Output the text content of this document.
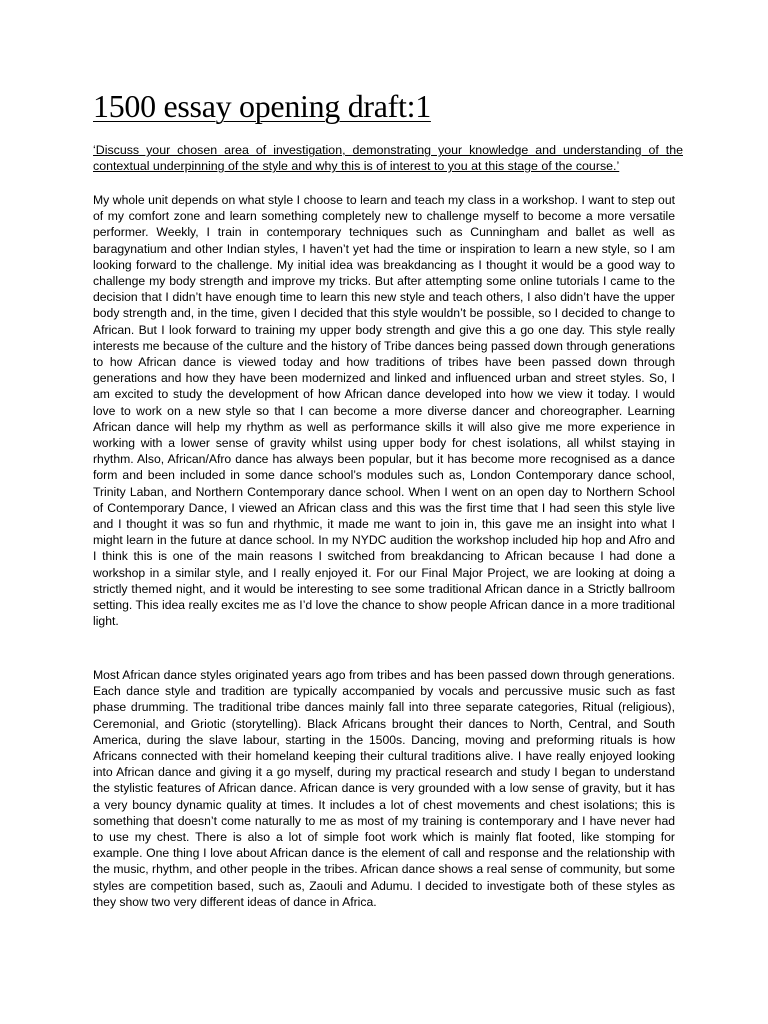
1500 essay opening draft:1

‘Discuss your chosen area of investigation, demonstrating your knowledge and understanding of the contextual underpinning of the style and why this is of interest to you at this stage of the course.’

My whole unit depends on what style I choose to learn and teach my class in a workshop. I want to step out of my comfort zone and learn something completely new to challenge myself to become a more versatile performer. Weekly, I train in contemporary techniques such as Cunningham and ballet as well as baragynatium and other Indian styles, I haven’t yet had the time or inspiration to learn a new style, so I am looking forward to the challenge. My initial idea was breakdancing as I thought it would be a good way to challenge my body strength and improve my tricks. But after attempting some online tutorials I came to the decision that I didn’t have enough time to learn this new style and teach others, I also didn’t have the upper body strength and, in the time, given I decided that this style wouldn’t be possible, so I decided to change to African. But I look forward to training my upper body strength and give this a go one day. This style really interests me because of the culture and the history of Tribe dances being passed down through generations to how African dance is viewed today and how traditions of tribes have been passed down through generations and how they have been modernized and linked and influenced urban and street styles. So, I am excited to study the development of how African dance developed into how we view it today. I would love to work on a new style so that I can become a more diverse dancer and choreographer. Learning African dance will help my rhythm as well as performance skills it will also give me more experience in working with a lower sense of gravity whilst using upper body for chest isolations, all whilst staying in rhythm. Also, African/Afro dance has always been popular, but it has become more recognised as a dance form and been included in some dance school’s modules such as, London Contemporary dance school, Trinity Laban, and Northern Contemporary dance school. When I went on an open day to Northern School of Contemporary Dance, I viewed an African class and this was the first time that I had seen this style live and I thought it was so fun and rhythmic, it made me want to join in, this gave me an insight into what I might learn in the future at dance school. In my NYDC audition the workshop included hip hop and Afro and I think this is one of the main reasons I switched from breakdancing to African because I had done a workshop in a similar style, and I really enjoyed it. For our Final Major Project, we are looking at doing a strictly themed night, and it would be interesting to see some traditional African dance in a Strictly ballroom setting. This idea really excites me as I’d love the chance to show people African dance in a more traditional light.

Most African dance styles originated years ago from tribes and has been passed down through generations. Each dance style and tradition are typically accompanied by vocals and percussive music such as fast phase drumming. The traditional tribe dances mainly fall into three separate categories, Ritual (religious), Ceremonial, and Griotic (storytelling). Black Africans brought their dances to North, Central, and South America, during the slave labour, starting in the 1500s. Dancing, moving and preforming rituals is how Africans connected with their homeland keeping their cultural traditions alive. I have really enjoyed looking into African dance and giving it a go myself, during my practical research and study I began to understand the stylistic features of African dance. African dance is very grounded with a low sense of gravity, but it has a very bouncy dynamic quality at times. It includes a lot of chest movements and chest isolations; this is something that doesn’t come naturally to me as most of my training is contemporary and I have never had to use my chest. There is also a lot of simple foot work which is mainly flat footed, like stomping for example. One thing I love about African dance is the element of call and response and the relationship with the music, rhythm, and other people in the tribes. African dance shows a real sense of community, but some styles are competition based, such as, Zaouli and Adumu. I decided to investigate both of these styles as they show two very different ideas of dance in Africa.
